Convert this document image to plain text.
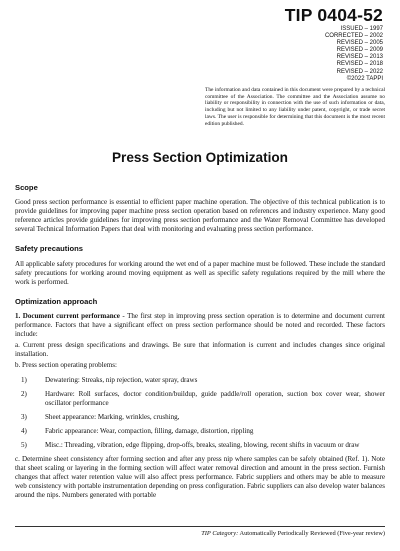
TIP 0404-52
ISSUED – 1997
CORRECTED – 2002
REVISED – 2005
REVISED – 2009
REVISED – 2013
REVISED – 2018
REVISED – 2022
©2022 TAPPI

The information and data contained in this document were prepared by a technical committee of the Association. The committee and the Association assume no liability or responsibility in connection with the use of such information or data, including but not limited to any liability under patent, copyright, or trade secret laws. The user is responsible for determining that this document is the most recent edition published.

Press Section Optimization
Scope

Good press section performance is essential to efficient paper machine operation. The objective of this technical publication is to provide guidelines for improving paper machine press section operation based on references and industry experience. Many good reference articles provide guidelines for improving press section performance and the Water Removal Committee has developed several Technical Information Papers that deal with monitoring and evaluating press section performance.

Safety precautions

All applicable safety procedures for working around the wet end of a paper machine must be followed. These include the standard safety precautions for working around moving equipment as well as specific safety regulations required by the mill where the work is performed.

Optimization approach

1. Document current performance - The first step in improving press section operation is to determine and document current performance. Factors that have a significant effect on press section performance should be noted and recorded. These factors include:

a. Current press design specifications and drawings. Be sure that information is current and includes changes since original installation.

b. Press section operating problems:

1)	Dewatering: Streaks, nip rejection, water spray, draws
2)	Hardware: Roll surfaces, doctor condition/buildup, guide paddle/roll operation, suction box cover wear, shower oscillator performance
3)	Sheet appearance: Marking, wrinkles, crushing,
4)	Fabric appearance: Wear, compaction, filling, damage, distortion, rippling
5)	Misc.: Threading, vibration, edge flipping, drop-offs, breaks, stealing, blowing, recent shifts in vacuum or draw

c. Determine sheet consistency after forming section and after any press nip where samples can be safely obtained (Ref. 1). Note that sheet scaling or layering in the forming section will affect water removal direction and amount in the press section. Furnish changes that affect water retention value will also affect press performance. Fabric suppliers and others may be able to measure web consistency with portable instrumentation depending on press configuration. Fabric suppliers can also develop water balances around the nips. Numbers generated with portable

TIP Category: Automatically Periodically Reviewed (Five-year review)
